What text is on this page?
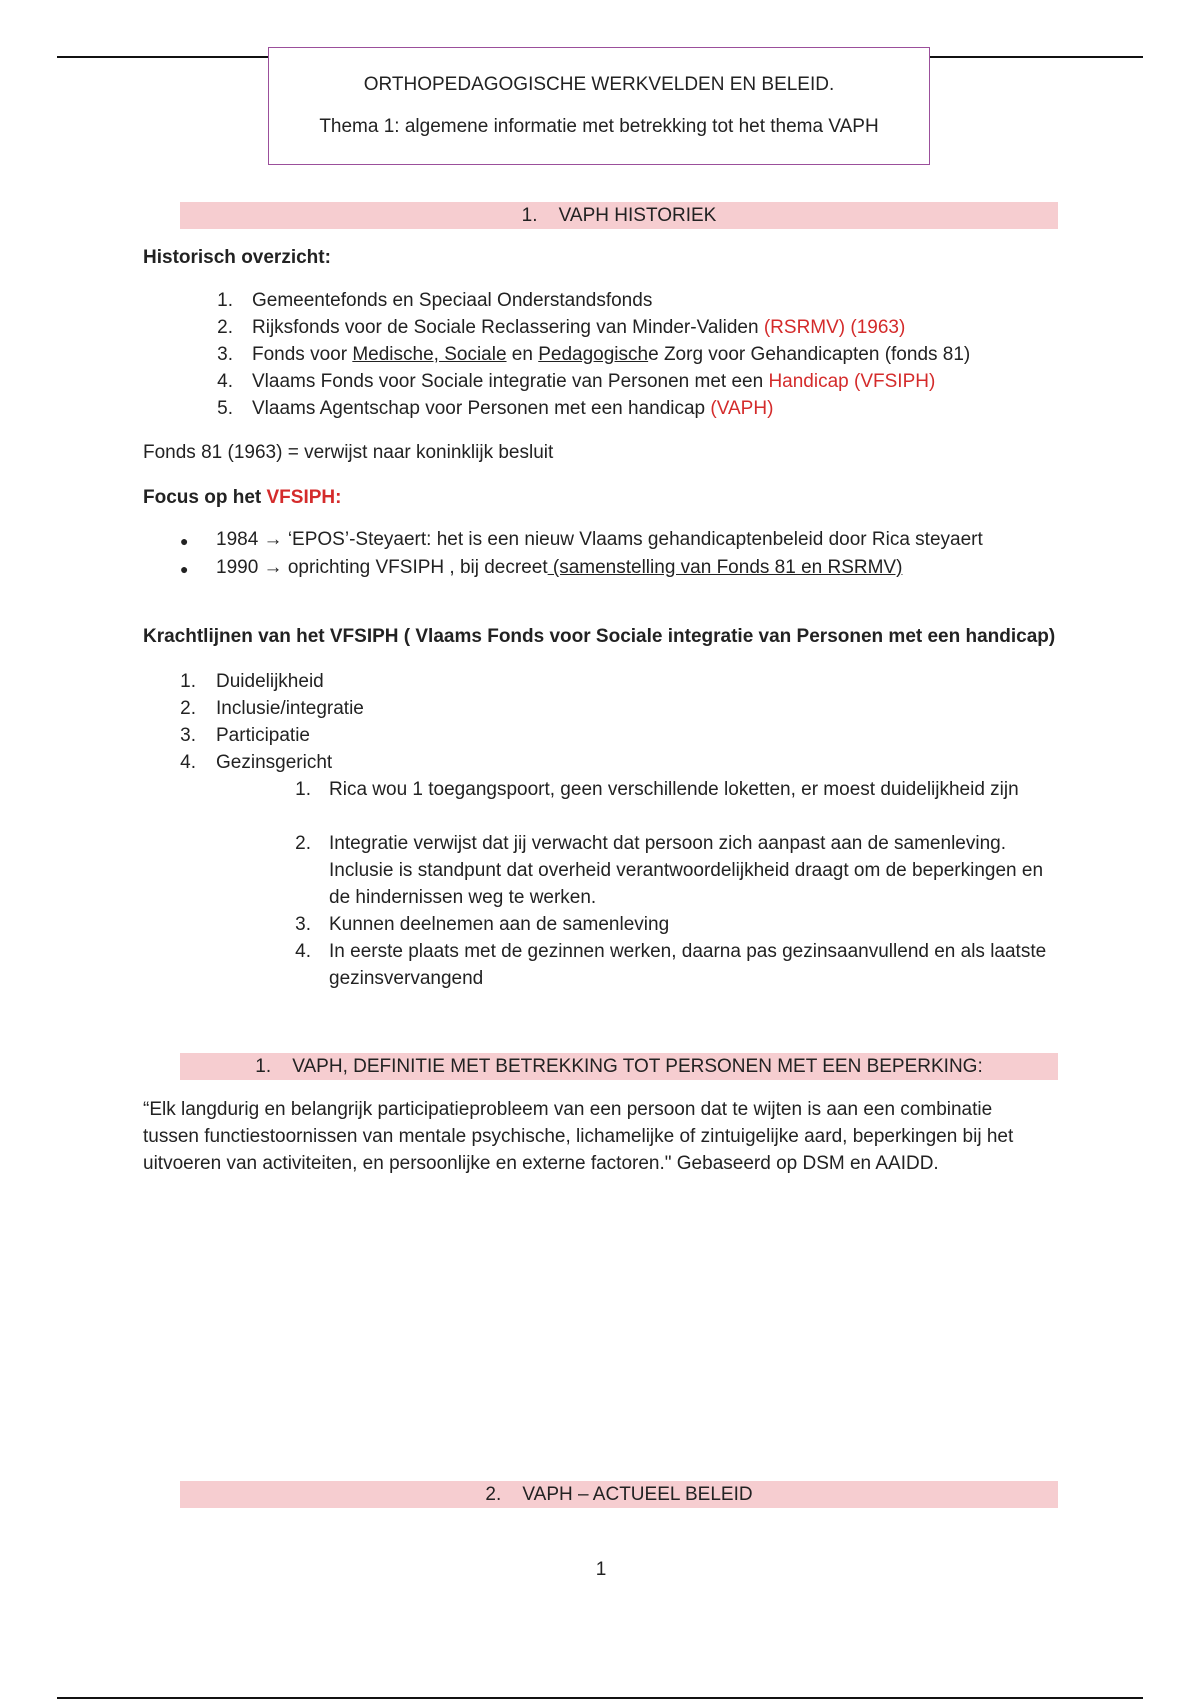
ORTHOPEDAGOGISCHE WERKVELDEN EN BELEID.
Thema 1: algemene informatie met betrekking tot het thema VAPH
1. VAPH HISTORIEK
Historisch overzicht:
1. Gemeentefonds en Speciaal Onderstandsfonds
2. Rijksfonds voor de Sociale Reclassering van Minder-Validen (RSRMV) (1963)
3. Fonds voor Medische, Sociale en Pedagogische Zorg voor Gehandicapten (fonds 81)
4. Vlaams Fonds voor Sociale integratie van Personen met een Handicap (VFSIPH)
5. Vlaams Agentschap voor Personen met een handicap (VAPH)
Fonds 81 (1963) = verwijst naar koninklijk besluit
Focus op het VFSIPH:
● 1984 → ‘EPOS’-Steyaert: het is een nieuw Vlaams gehandicaptenbeleid door Rica steyaert
● 1990 → oprichting VFSIPH , bij decreet (samenstelling van Fonds 81 en RSRMV)
Krachtlijnen van het VFSIPH ( Vlaams Fonds voor Sociale integratie van Personen met een handicap)
1. Duidelijkheid
2. Inclusie/integratie
3. Participatie
4. Gezinsgericht
1. Rica wou 1 toegangspoort, geen verschillende loketten, er moest duidelijkheid zijn
2. Integratie verwijst dat jij verwacht dat persoon zich aanpast aan de samenleving. Inclusie is standpunt dat overheid verantwoordelijkheid draagt om de beperkingen en de hindernissen weg te werken.
3. Kunnen deelnemen aan de samenleving
4. In eerste plaats met de gezinnen werken, daarna pas gezinsaanvullend en als laatste gezinsvervangend
1. VAPH, DEFINITIE MET BETREKKING TOT PERSONEN MET EEN BEPERKING:
“Elk langdurig en belangrijk participatieprobleem van een persoon dat te wijten is aan een combinatie tussen functiestoornissen van mentale psychische, lichamelijke of zintuigelijke aard, beperkingen bij het uitvoeren van activiteiten, en persoonlijke en externe factoren." Gebaseerd op DSM en AAIDD.
2. VAPH – ACTUEEL BELEID
1
